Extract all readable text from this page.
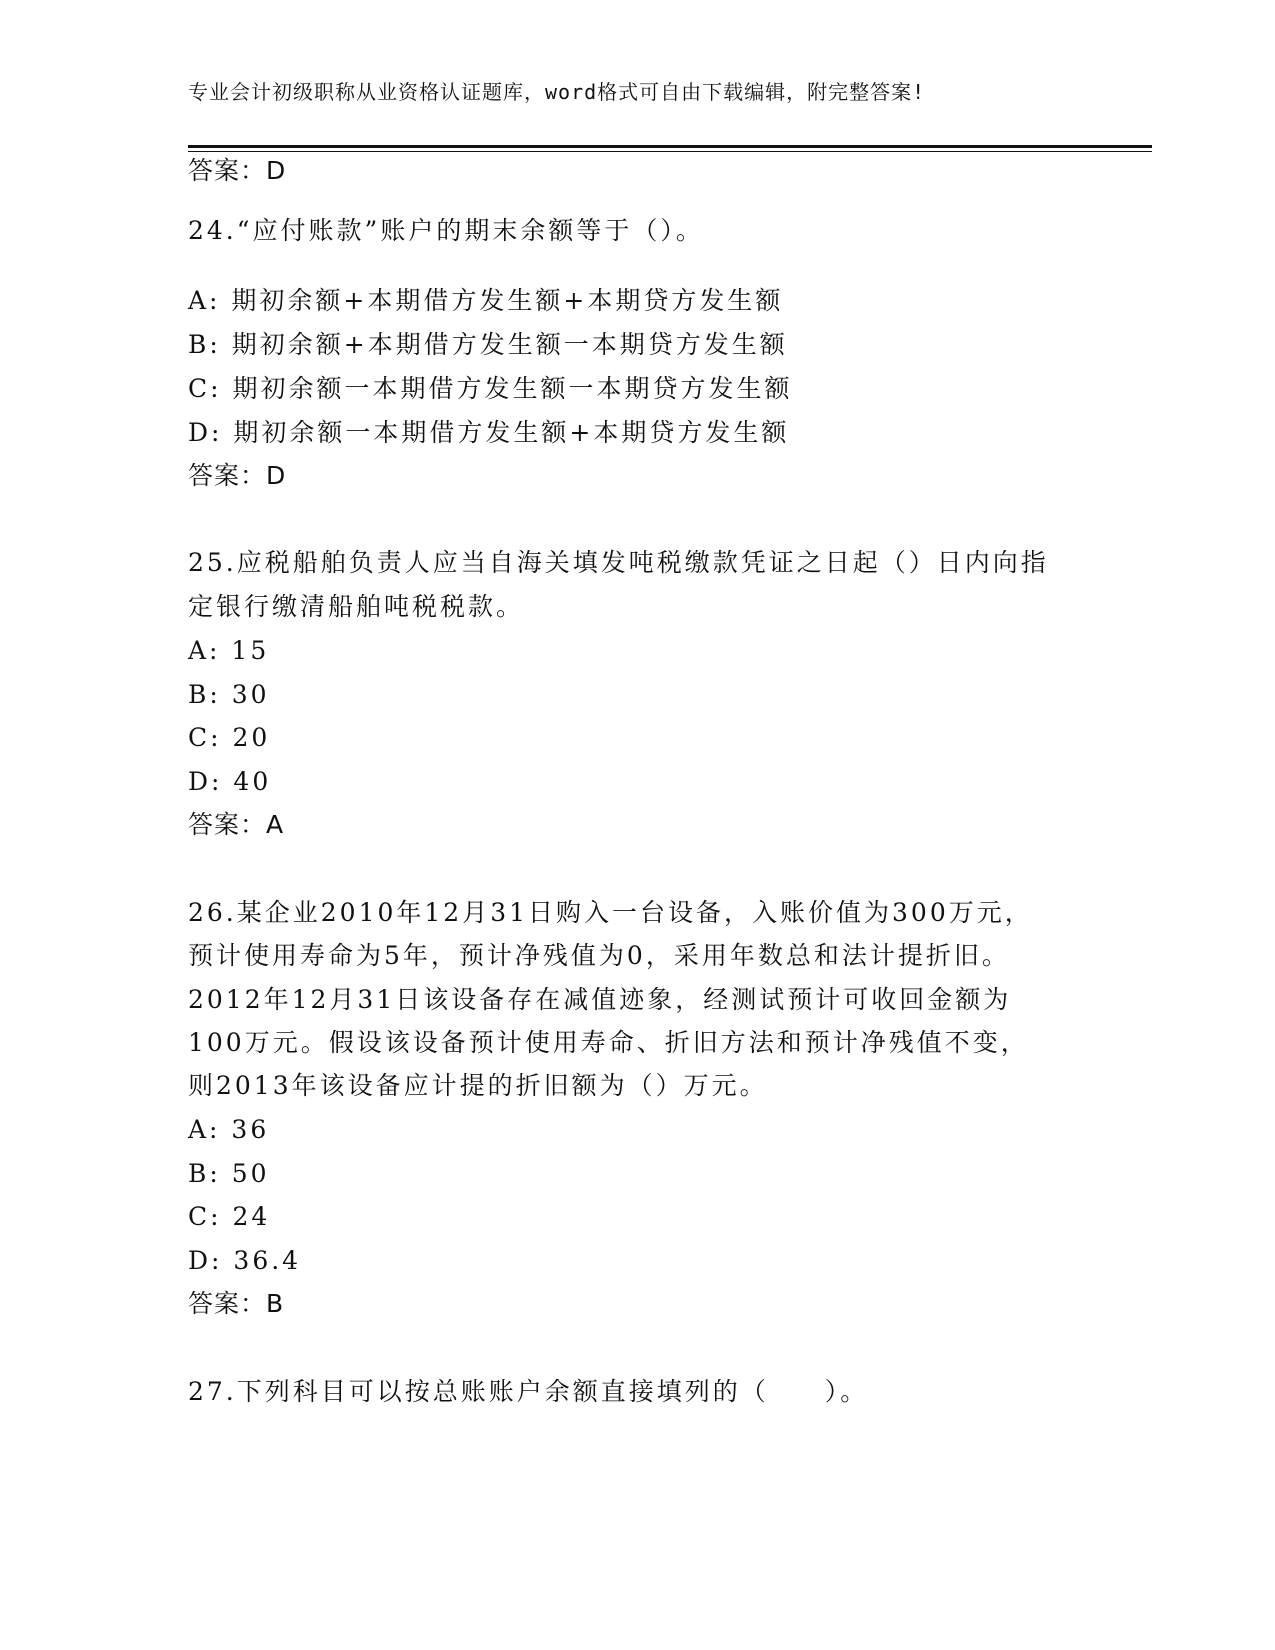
专业会计初级职称从业资格认证题库，word格式可自由下载编辑，附完整答案!
答案：D
24.“应付账款”账户的期末余额等于（）。
A: 期初余额+本期借方发生额+本期贷方发生额
B: 期初余额+本期借方发生额一本期贷方发生额
C: 期初余额一本期借方发生额一本期贷方发生额
D: 期初余额一本期借方发生额+本期贷方发生额
答案：D
25.应税船舶负责人应当自海关填发吨税缴款凭证之日起（）日内向指
定银行缴清船舶吨税税款。
A: 15
B: 30
C: 20
D: 40
答案：A
26.某企业2010年12月31日购入一台设备，入账价值为300万元，
预计使用寿命为5年，预计净残值为0，采用年数总和法计提折旧。
2012年12月31日该设备存在减值迹象，经测试预计可收回金额为
100万元。假设该设备预计使用寿命、折旧方法和预计净残值不变，
则2013年该设备应计提的折旧额为（）万元。
A: 36
B: 50
C: 24
D: 36.4
答案：B
27.下列科目可以按总账账户余额直接填列的（　　）。
